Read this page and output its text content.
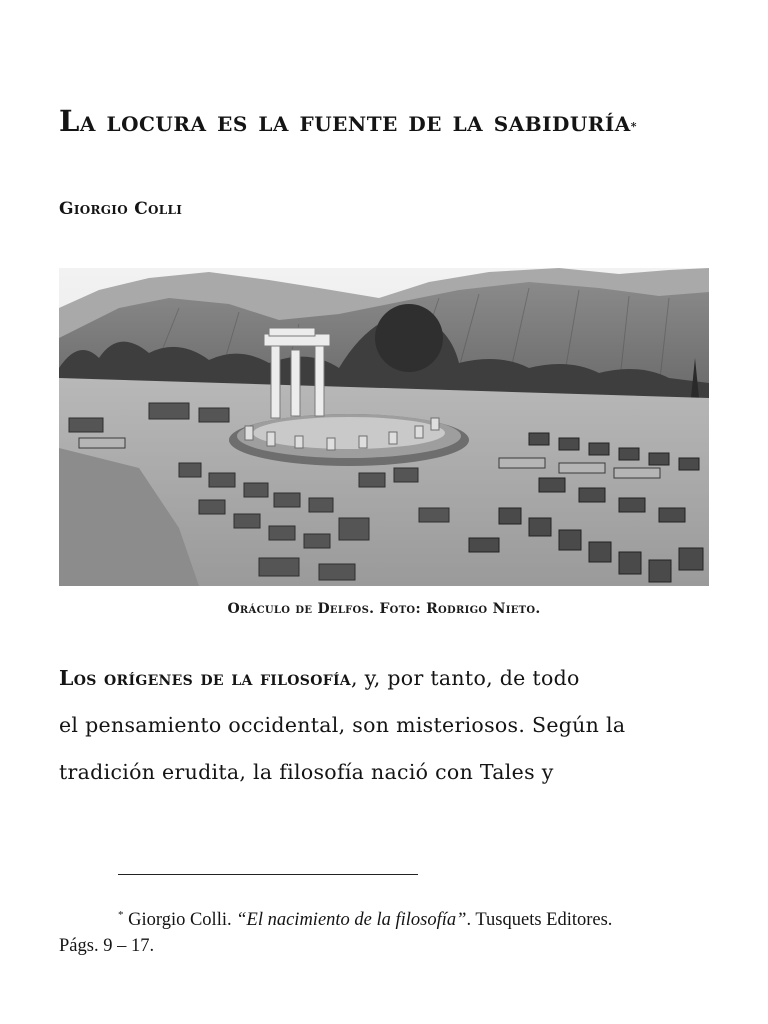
La locura es la fuente de la sabiduría*

Giorgio Colli

Oráculo de Delfos. Foto: Rodrigo Nieto.

Los orígenes de la filosofía, y, por tanto, de todo
el pensamiento occidental, son misteriosos. Según la
tradición erudita, la filosofía nació con Tales y

* Giorgio Colli. “El nacimiento de la filosofía”. Tusquets Editores.
Págs. 9 – 17.
